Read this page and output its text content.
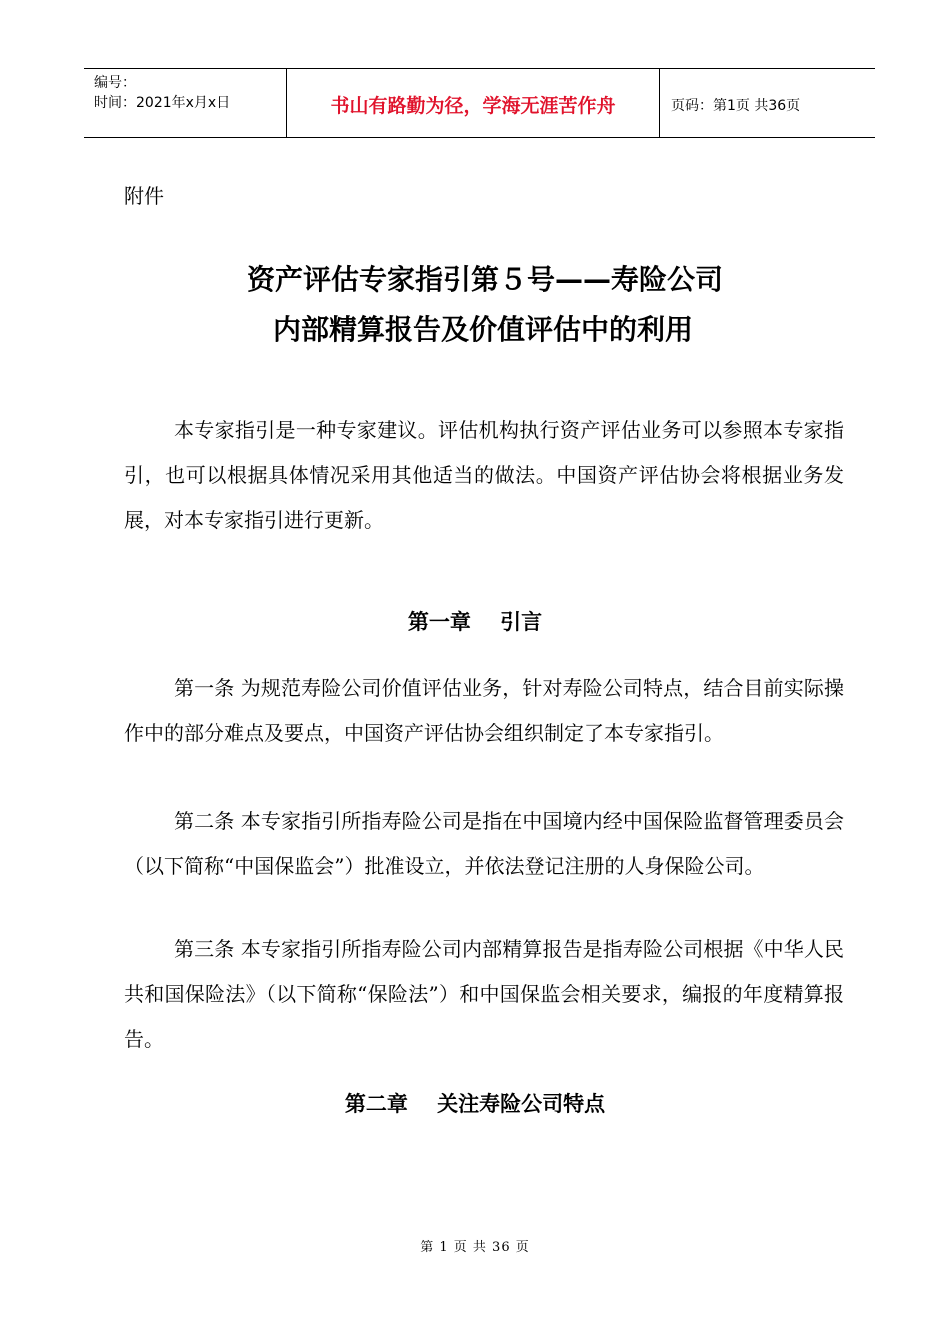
编号：
时间：2021年x月x日	书山有路勤为径，学海无涯苦作舟	页码：第1页 共36页
附件
资产评估专家指引第５号——寿险公司
内部精算报告及价值评估中的利用
本专家指引是一种专家建议。评估机构执行资产评估业务可以参照本专家指引，也可以根据具体情况采用其他适当的做法。中国资产评估协会将根据业务发展，对本专家指引进行更新。
第一章    引言
第一条 为规范寿险公司价值评估业务，针对寿险公司特点，结合目前实际操作中的部分难点及要点，中国资产评估协会组织制定了本专家指引。
第二条 本专家指引所指寿险公司是指在中国境内经中国保险监督管理委员会（以下简称“中国保监会”）批准设立，并依法登记注册的人身保险公司。
第三条 本专家指引所指寿险公司内部精算报告是指寿险公司根据《中华人民共和国保险法》（以下简称“保险法”）和中国保监会相关要求，编报的年度精算报告。
第二章    关注寿险公司特点
第 1 页 共 36 页
